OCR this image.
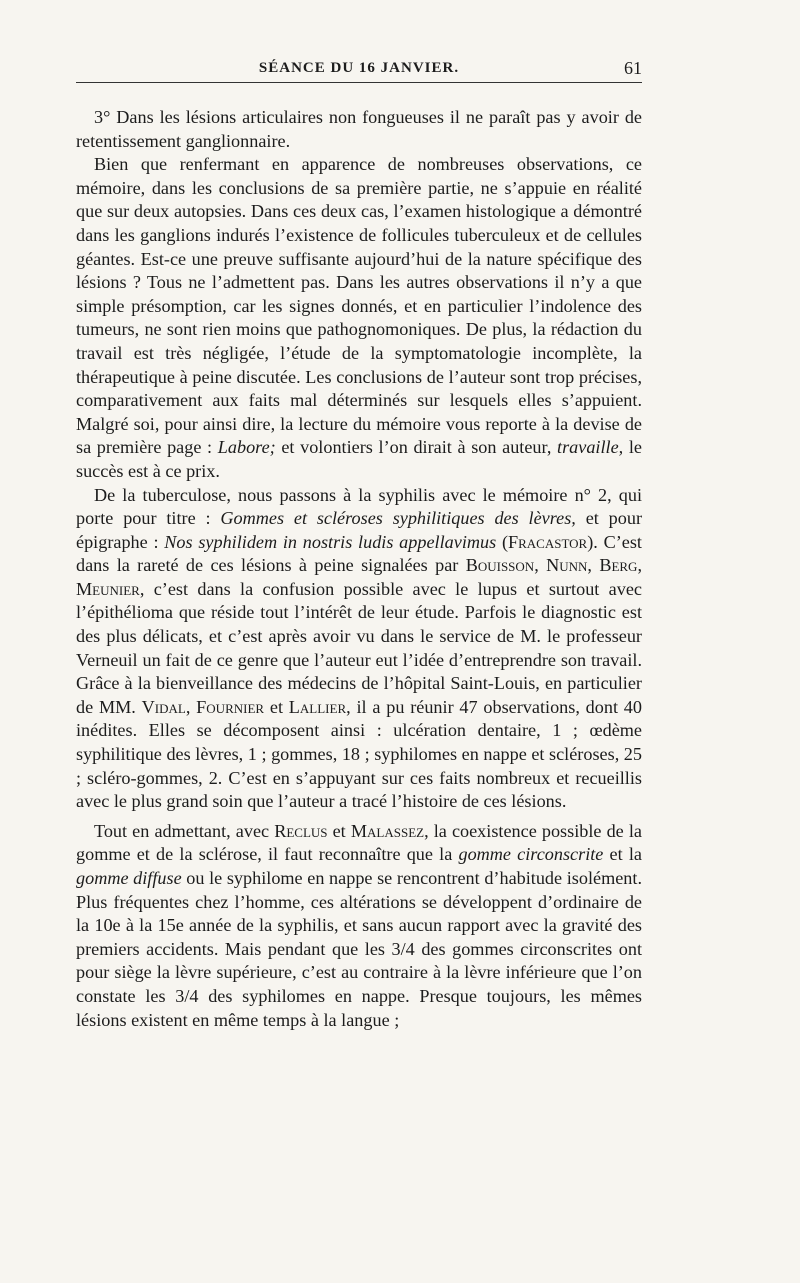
SÉANCE DU 16 JANVIER.	61

3° Dans les lésions articulaires non fongueuses il ne paraît pas y avoir de retentissement ganglionnaire.

Bien que renfermant en apparence de nombreuses observations, ce mémoire, dans les conclusions de sa première partie, ne s’appuie en réalité que sur deux autopsies. Dans ces deux cas, l’examen histologique a démontré dans les ganglions indurés l’existence de follicules tuberculeux et de cellules géantes. Est-ce une preuve suffisante aujourd’hui de la nature spécifique des lésions ? Tous ne l’admettent pas. Dans les autres observations il n’y a que simple présomption, car les signes donnés, et en particulier l’indolence des tumeurs, ne sont rien moins que pathognomoniques. De plus, la rédaction du travail est très négligée, l’étude de la symptomatologie incomplète, la thérapeutique à peine discutée. Les conclusions de l’auteur sont trop précises, comparativement aux faits mal déterminés sur lesquels elles s’appuient. Malgré soi, pour ainsi dire, la lecture du mémoire vous reporte à la devise de sa première page : Labore; et volontiers l’on dirait à son auteur, travaille, le succès est à ce prix.

De la tuberculose, nous passons à la syphilis avec le mémoire n° 2, qui porte pour titre : Gommes et scléroses syphilitiques des lèvres, et pour épigraphe : Nos syphilidem in nostris ludis appellavimus (Fracastor). C’est dans la rareté de ces lésions à peine signalées par Bouisson, Nunn, Berg, Meunier, c’est dans la confusion possible avec le lupus et surtout avec l’épithélioma que réside tout l’intérêt de leur étude. Parfois le diagnostic est des plus délicats, et c’est après avoir vu dans le service de M. le professeur Verneuil un fait de ce genre que l’auteur eut l’idée d’entreprendre son travail. Grâce à la bienveillance des médecins de l’hôpital Saint-Louis, en particulier de MM. Vidal, Fournier et Lallier, il a pu réunir 47 observations, dont 40 inédites. Elles se décomposent ainsi : ulcération dentaire, 1 ; œdème syphilitique des lèvres, 1 ; gommes, 18 ; syphilomes en nappe et scléroses, 25 ; scléro-gommes, 2. C’est en s’appuyant sur ces faits nombreux et recueillis avec le plus grand soin que l’auteur a tracé l’histoire de ces lésions.

Tout en admettant, avec Reclus et Malassez, la coexistence possible de la gomme et de la sclérose, il faut reconnaître que la gomme circonscrite et la gomme diffuse ou le syphilome en nappe se rencontrent d’habitude isolément. Plus fréquentes chez l’homme, ces altérations se développent d’ordinaire de la 10e à la 15e année de la syphilis, et sans aucun rapport avec la gravité des premiers accidents. Mais pendant que les 3/4 des gommes circonscrites ont pour siège la lèvre supérieure, c’est au contraire à la lèvre inférieure que l’on constate les 3/4 des syphilomes en nappe. Presque toujours, les mêmes lésions existent en même temps à la langue ;
